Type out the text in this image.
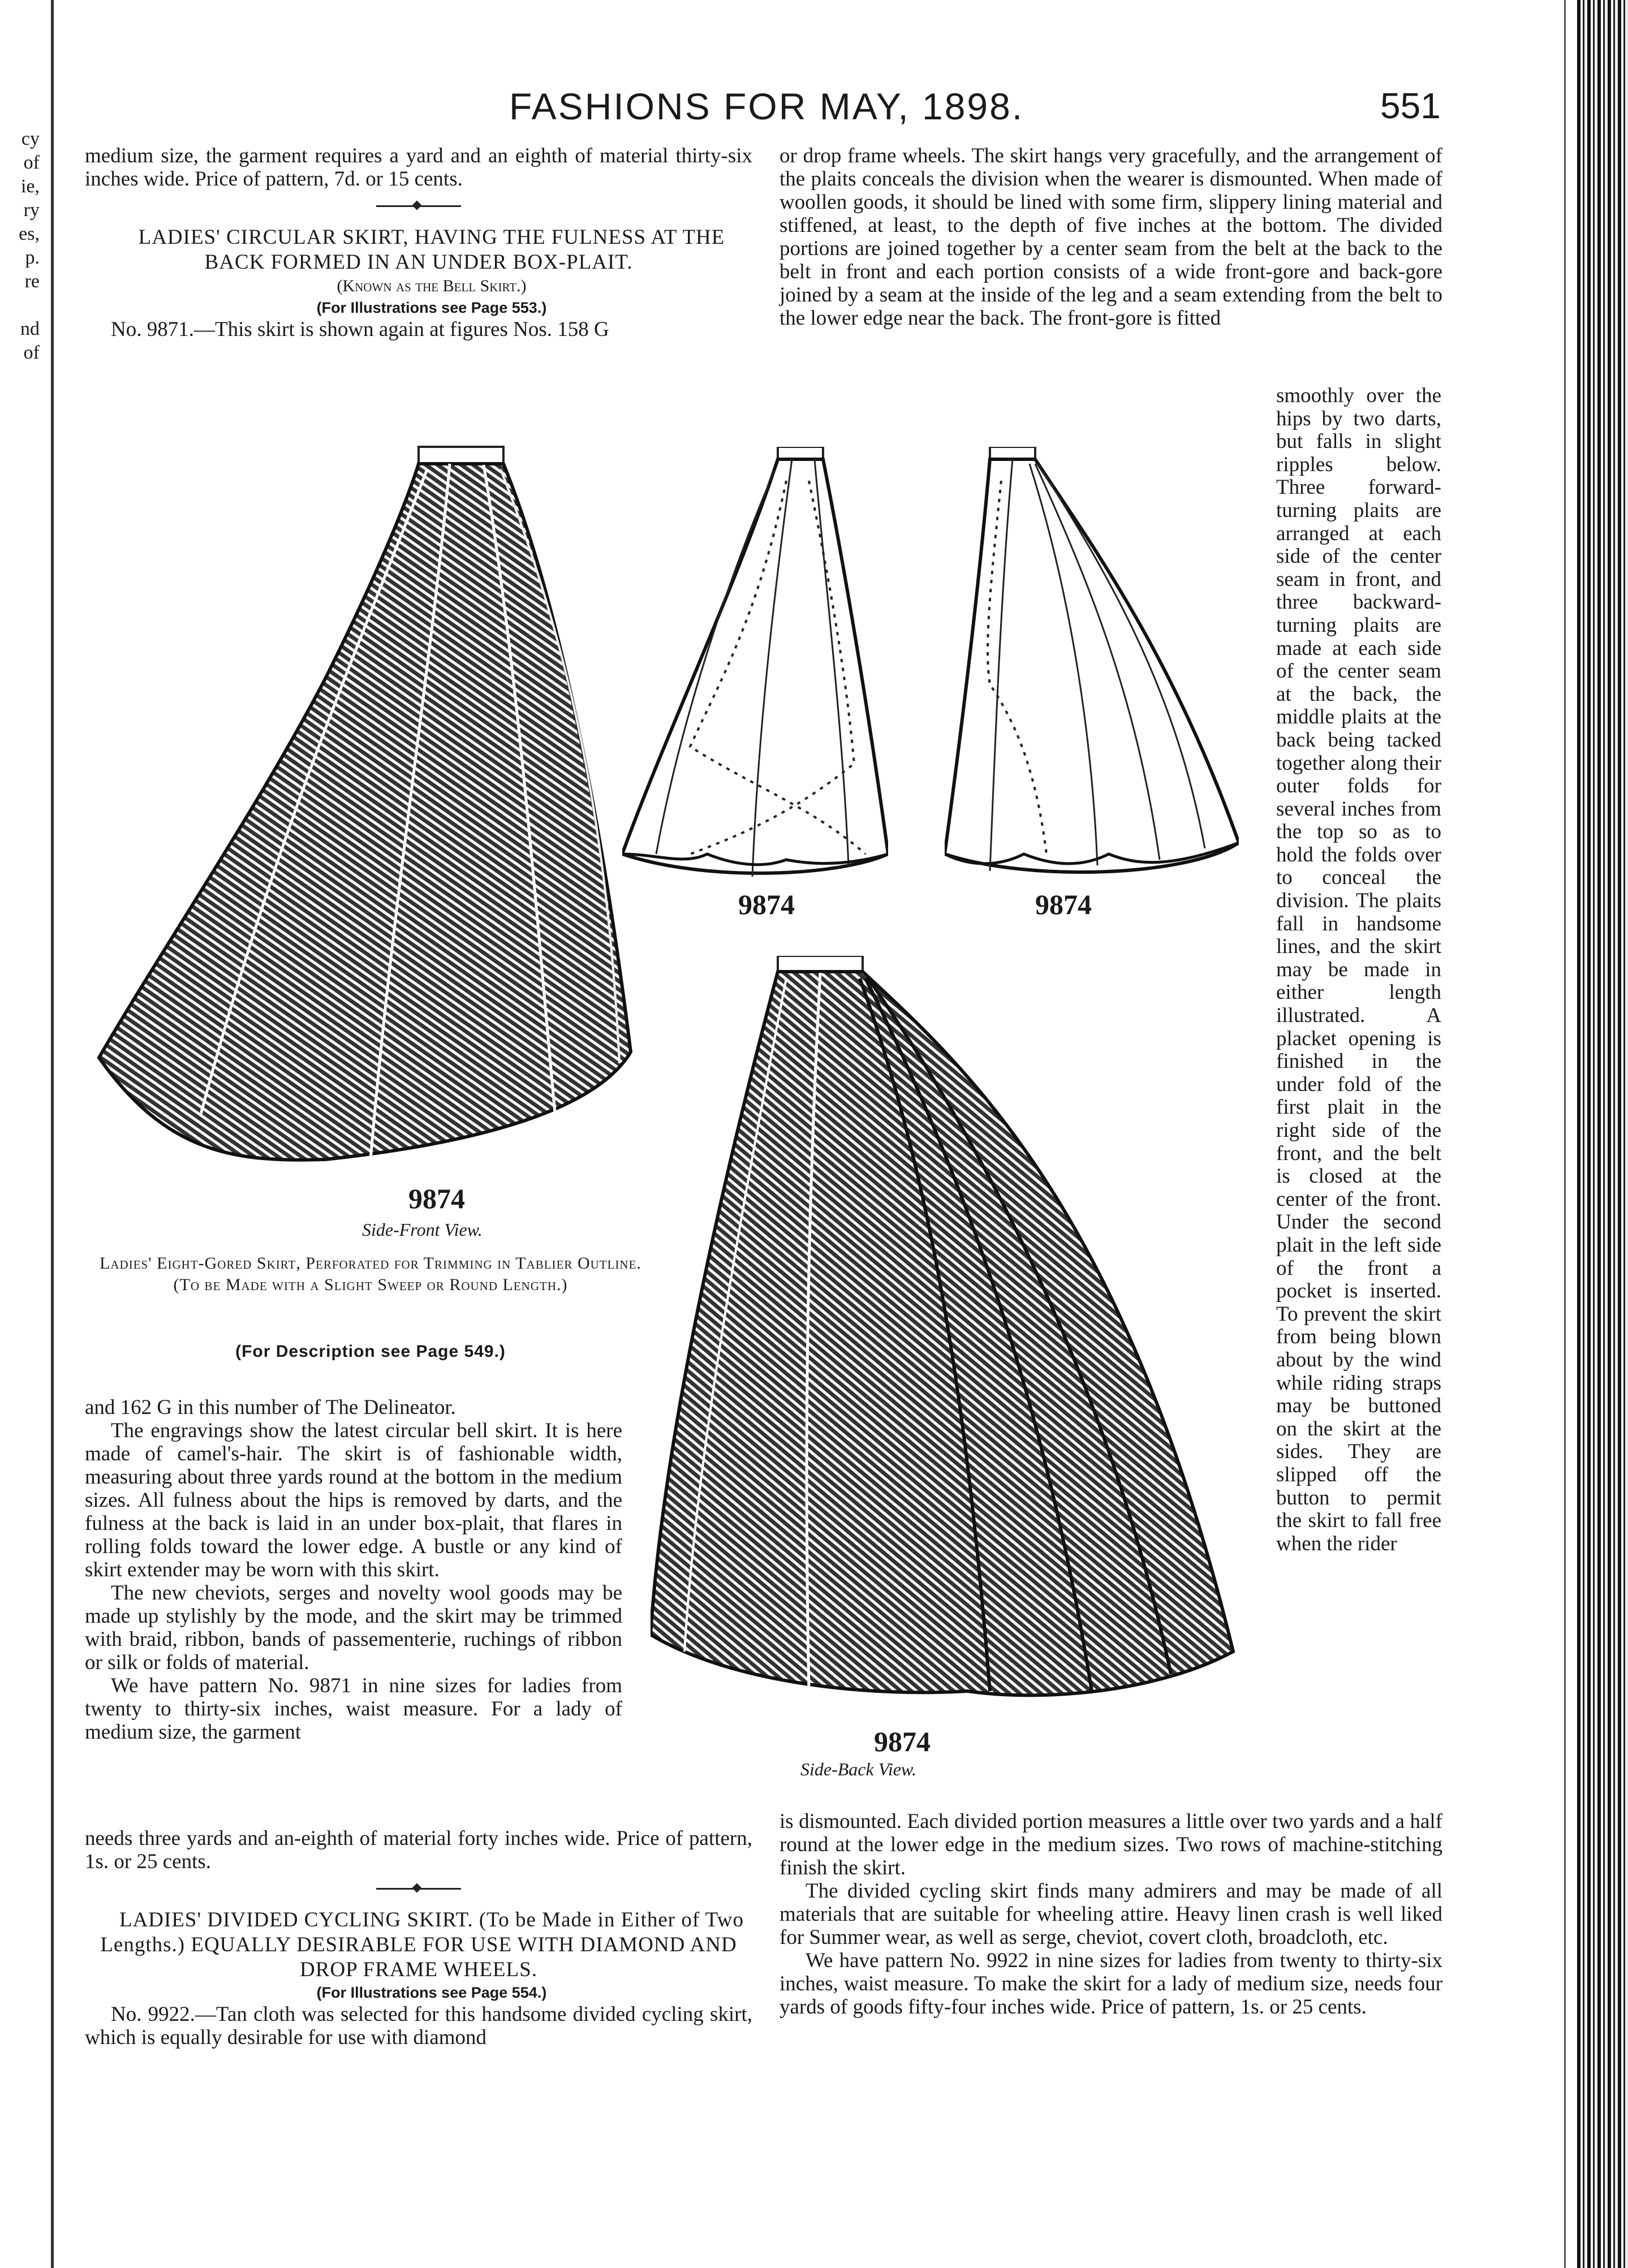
cy
of
ie,
ry
es,
p.
re

nd
of
FASHIONS FOR MAY, 1898.	551

medium size, the garment requires a yard and an eighth of material thirty-six inches wide. Price of pattern, 7d. or 15 cents.

LADIES' CIRCULAR SKIRT, HAVING THE FULNESS AT THE BACK FORMED IN AN UNDER BOX-PLAIT.

(Known as the Bell Skirt.)

(For Illustrations see Page 553.)

No. 9871.—This skirt is shown again at figures Nos. 158 G

or drop frame wheels. The skirt hangs very gracefully, and the arrangement of the plaits conceals the division when the wearer is dismounted. When made of woollen goods, it should be lined with some firm, slippery lining material and stiffened, at least, to the depth of five inches at the bottom. The divided portions are joined together by a center seam from the belt at the back to the belt in front and each portion consists of a wide front-gore and back-gore joined by a seam at the inside of the leg and a seam extending from the belt to the lower edge near the back. The front-gore is fitted

9874
Side-Front View.
Ladies' Eight-Gored Skirt, Perforated for Trimming in Tablier Outline. (To be Made with a Slight Sweep or Round Length.)
(For Description see Page 549.)
9874	9874
9874
Side-Back View.

smoothly over the hips by two darts, but falls in slight ripples below. Three forward-turning plaits are arranged at each side of the center seam in front, and three backward-turning plaits are made at each side of the center seam at the back, the middle plaits at the back being tacked together along their outer folds for several inches from the top so as to hold the folds over to conceal the division. The plaits fall in handsome lines, and the skirt may be made in either length illustrated. A placket opening is finished in the under fold of the first plait in the right side of the front, and the belt is closed at the center of the front. Under the second plait in the left side of the front a pocket is inserted. To prevent the skirt from being blown about by the wind while riding straps may be buttoned on the skirt at the sides. They are slipped off the button to permit the skirt to fall free when the rider

and 162 G in this number of The Delineator.

The engravings show the latest circular bell skirt. It is here made of camel's-hair. The skirt is of fashionable width, measuring about three yards round at the bottom in the medium sizes. All fulness about the hips is removed by darts, and the fulness at the back is laid in an under box-plait, that flares in rolling folds toward the lower edge. A bustle or any kind of skirt extender may be worn with this skirt.

The new cheviots, serges and novelty wool goods may be made up stylishly by the mode, and the skirt may be trimmed with braid, ribbon, bands of passementerie, ruchings of ribbon or silk or folds of material.

We have pattern No. 9871 in nine sizes for ladies from twenty to thirty-six inches, waist measure. For a lady of medium size, the garment

needs three yards and an-eighth of material forty inches wide. Price of pattern, 1s. or 25 cents.

LADIES' DIVIDED CYCLING SKIRT. (To be Made in Either of Two Lengths.) EQUALLY DESIRABLE FOR USE WITH DIAMOND AND DROP FRAME WHEELS.

(For Illustrations see Page 554.)

No. 9922.—Tan cloth was selected for this handsome divided cycling skirt, which is equally desirable for use with diamond

is dismounted. Each divided portion measures a little over two yards and a half round at the lower edge in the medium sizes. Two rows of machine-stitching finish the skirt.

The divided cycling skirt finds many admirers and may be made of all materials that are suitable for wheeling attire. Heavy linen crash is well liked for Summer wear, as well as serge, cheviot, covert cloth, broadcloth, etc.

We have pattern No. 9922 in nine sizes for ladies from twenty to thirty-six inches, waist measure. To make the skirt for a lady of medium size, needs four yards of goods fifty-four inches wide. Price of pattern, 1s. or 25 cents.
